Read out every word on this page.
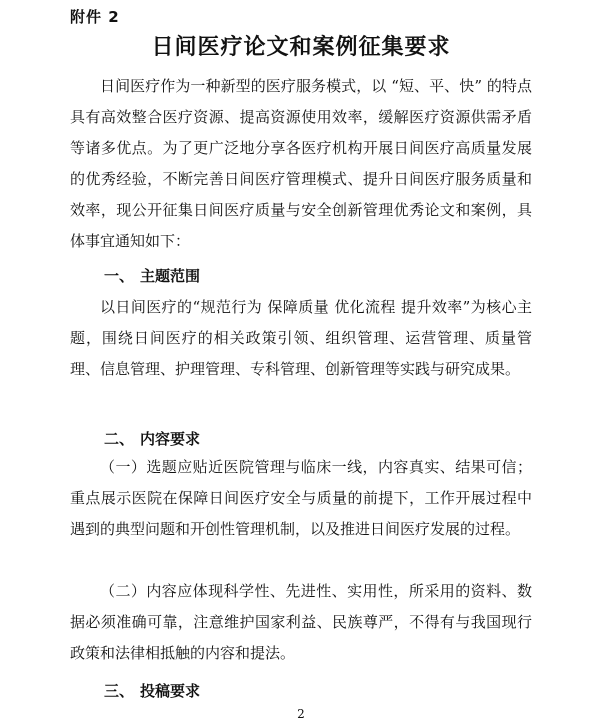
附件 2
日间医疗论文和案例征集要求

日间医疗作为一种新型的医疗服务模式，以 “短、平、快” 的特点具有高效整合医疗资源、提高资源使用效率，缓解医疗资源供需矛盾等诸多优点。为了更广泛地分享各医疗机构开展日间医疗高质量发展的优秀经验，不断完善日间医疗管理模式、提升日间医疗服务质量和效率，现公开征集日间医疗质量与安全创新管理优秀论文和案例，具体事宜通知如下：

一、 主题范围

以日间医疗的“规范行为 保障质量 优化流程 提升效率”为核心主题，围绕日间医疗的相关政策引领、组织管理、运营管理、质量管理、信息管理、护理管理、专科管理、创新管理等实践与研究成果。

二、 内容要求

（一）选题应贴近医院管理与临床一线，内容真实、结果可信；重点展示医院在保障日间医疗安全与质量的前提下，工作开展过程中遇到的典型问题和开创性管理机制，以及推进日间医疗发展的过程。

（二）内容应体现科学性、先进性、实用性，所采用的资料、数据必须准确可靠，注意维护国家利益、民族尊严，不得有与我国现行政策和法律相抵触的内容和提法。

三、 投稿要求
2
